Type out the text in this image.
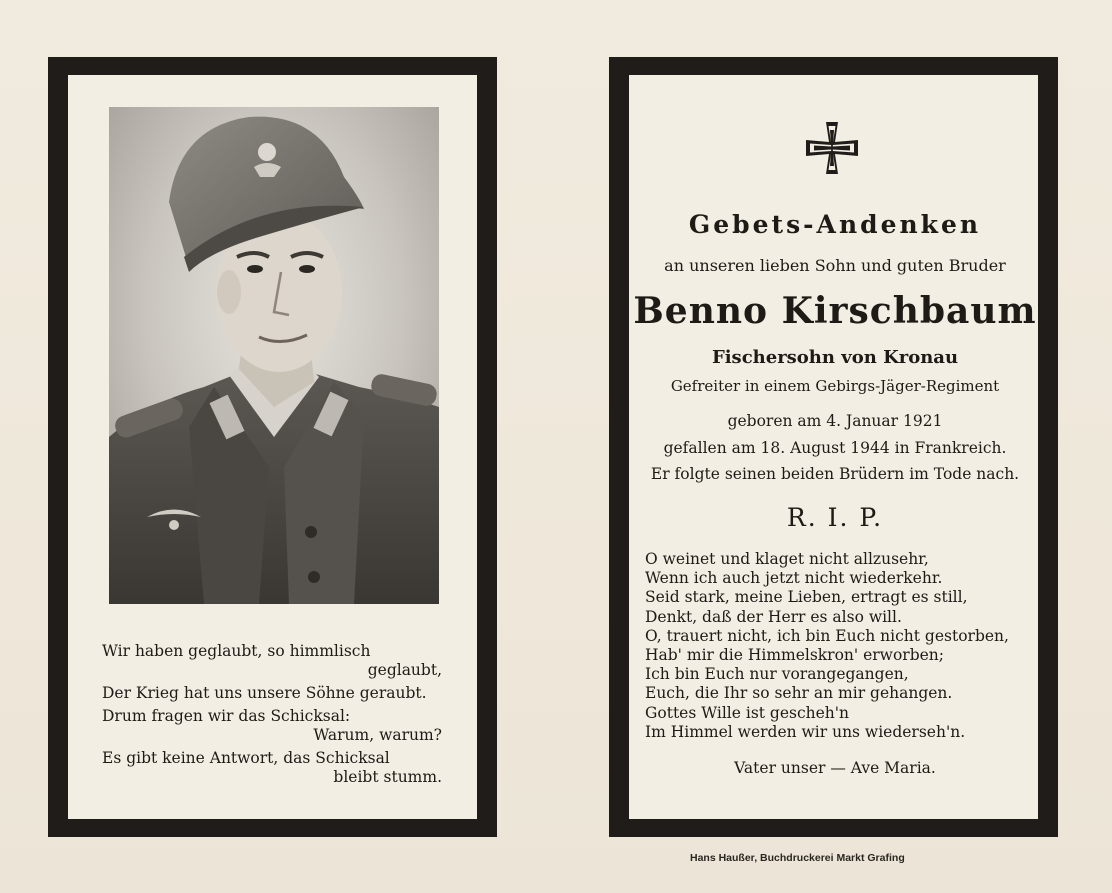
Wir haben geglaubt, so himmlisch
geglaubt,
Der Krieg hat uns unsere Söhne geraubt.
Drum fragen wir das Schicksal:
Warum, warum?
Es gibt keine Antwort, das Schicksal
bleibt stumm.
Gebets-Andenken
an unseren lieben Sohn und guten Bruder
Benno Kirschbaum
Fischersohn von Kronau
Gefreiter in einem Gebirgs-Jäger-Regiment
geboren am 4. Januar 1921
gefallen am 18. August 1944 in Frankreich.
Er folgte seinen beiden Brüdern im Tode nach.
R. I. P.
O weinet und klaget nicht allzusehr,
Wenn ich auch jetzt nicht wiederkehr.
Seid stark, meine Lieben, ertragt es still,
Denkt, daß der Herr es also will.
O, trauert nicht, ich bin Euch nicht gestorben,
Hab' mir die Himmelskron' erworben;
Ich bin Euch nur vorangegangen,
Euch, die Ihr so sehr an mir gehangen.
Gottes Wille ist gescheh'n
Im Himmel werden wir uns wiederseh'n.
Vater unser — Ave Maria.
Hans Haußer, Buchdruckerei Markt Grafing
